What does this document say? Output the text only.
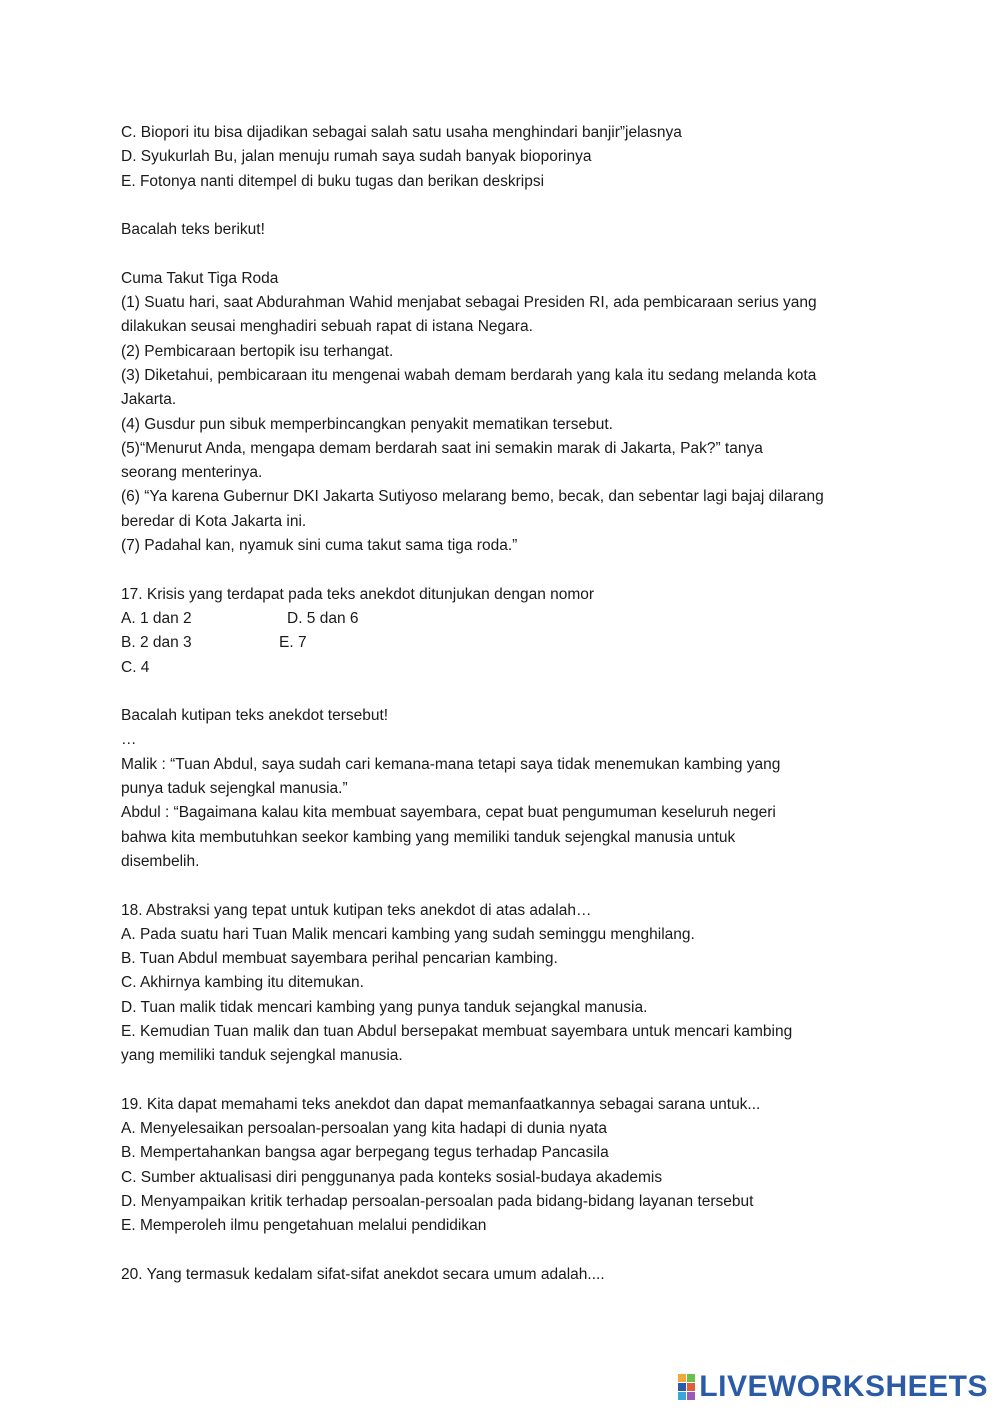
C. Biopori itu bisa dijadikan sebagai salah satu usaha menghindari banjir”jelasnya
D. Syukurlah Bu, jalan menuju rumah saya sudah banyak bioporinya
E. Fotonya nanti ditempel di buku tugas dan berikan deskripsi
Bacalah teks berikut!
Cuma Takut Tiga Roda
(1) Suatu hari, saat Abdurahman Wahid menjabat sebagai Presiden RI, ada pembicaraan serius yang
dilakukan seusai menghadiri sebuah rapat di istana Negara.
(2) Pembicaraan bertopik isu terhangat.
(3) Diketahui, pembicaraan itu mengenai wabah demam berdarah yang kala itu sedang melanda kota
Jakarta.
(4) Gusdur pun sibuk memperbincangkan penyakit mematikan tersebut.
(5)“Menurut Anda, mengapa demam berdarah saat ini semakin marak di Jakarta, Pak?” tanya
seorang menterinya.
(6) “Ya karena Gubernur DKI Jakarta Sutiyoso melarang bemo, becak, dan sebentar lagi bajaj dilarang
beredar di Kota Jakarta ini.
(7) Padahal kan, nyamuk sini cuma takut sama tiga roda.”
17. Krisis yang terdapat pada teks anekdot ditunjukan dengan nomor
A. 1 dan 2	D. 5 dan 6
B. 2 dan 3	E. 7
C. 4
Bacalah kutipan teks anekdot tersebut!
…
Malik : “Tuan Abdul, saya sudah cari kemana-mana tetapi saya tidak menemukan kambing yang
punya taduk sejengkal manusia.”
Abdul : “Bagaimana kalau kita membuat sayembara, cepat buat pengumuman keseluruh negeri
bahwa kita membutuhkan seekor kambing yang memiliki tanduk sejengkal manusia untuk
disembelih.
18. Abstraksi yang tepat untuk kutipan teks anekdot di atas adalah…
A. Pada suatu hari Tuan Malik mencari kambing yang sudah seminggu menghilang.
B. Tuan Abdul membuat sayembara perihal pencarian kambing.
C. Akhirnya kambing itu ditemukan.
D. Tuan malik tidak mencari kambing yang punya tanduk sejangkal manusia.
E. Kemudian Tuan malik dan tuan Abdul bersepakat membuat sayembara untuk mencari kambing
yang memiliki tanduk sejengkal manusia.
19. Kita dapat memahami teks anekdot dan dapat memanfaatkannya sebagai sarana untuk...
A. Menyelesaikan persoalan-persoalan yang kita hadapi di dunia nyata
B. Mempertahankan bangsa agar berpegang tegus terhadap Pancasila
C. Sumber aktualisasi diri penggunanya pada konteks sosial-budaya akademis
D. Menyampaikan kritik terhadap persoalan-persoalan pada bidang-bidang layanan tersebut
E. Memperoleh ilmu pengetahuan melalui pendidikan
20. Yang termasuk kedalam sifat-sifat anekdot secara umum adalah....
LIVEWORKSHEETS
